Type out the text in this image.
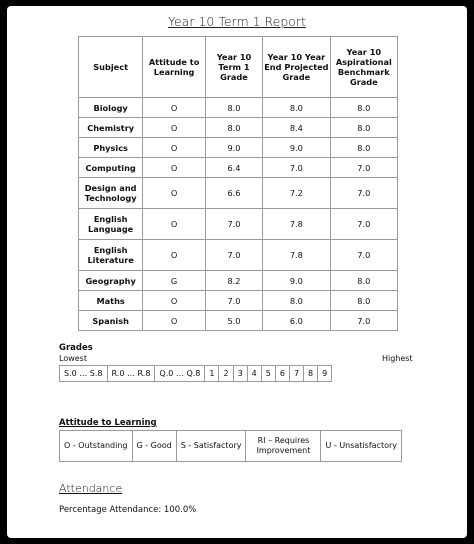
Year 10 Term 1 Report
Subject	Attitude to Learning	Year 10 Term 1 Grade	Year 10 Year End Projected Grade	Year 10 Aspirational Benchmark Grade
Biology	O	8.0	8.0	8.0
Chemistry	O	8.0	8.4	8.0
Physics	O	9.0	9.0	8.0
Computing	O	6.4	7.0	7.0
Design and Technology	O	6.6	7.2	7.0
English Language	O	7.0	7.8	7.0
English Literature	O	7.0	7.8	7.0
Geography	G	8.2	9.0	8.0
Maths	O	7.0	8.0	8.0
Spanish	O	5.0	6.0	7.0
Grades
Lowest	Highest
S.0 … S.8	R.0 … R.8	Q.0 … Q.8	1	2	3	4	5	6	7	8	9
Attitude to Learning
O - Outstanding	G - Good	S - Satisfactory	RI – Requires Improvement	U - Unsatisfactory
Attendance
Percentage Attendance: 100.0%
